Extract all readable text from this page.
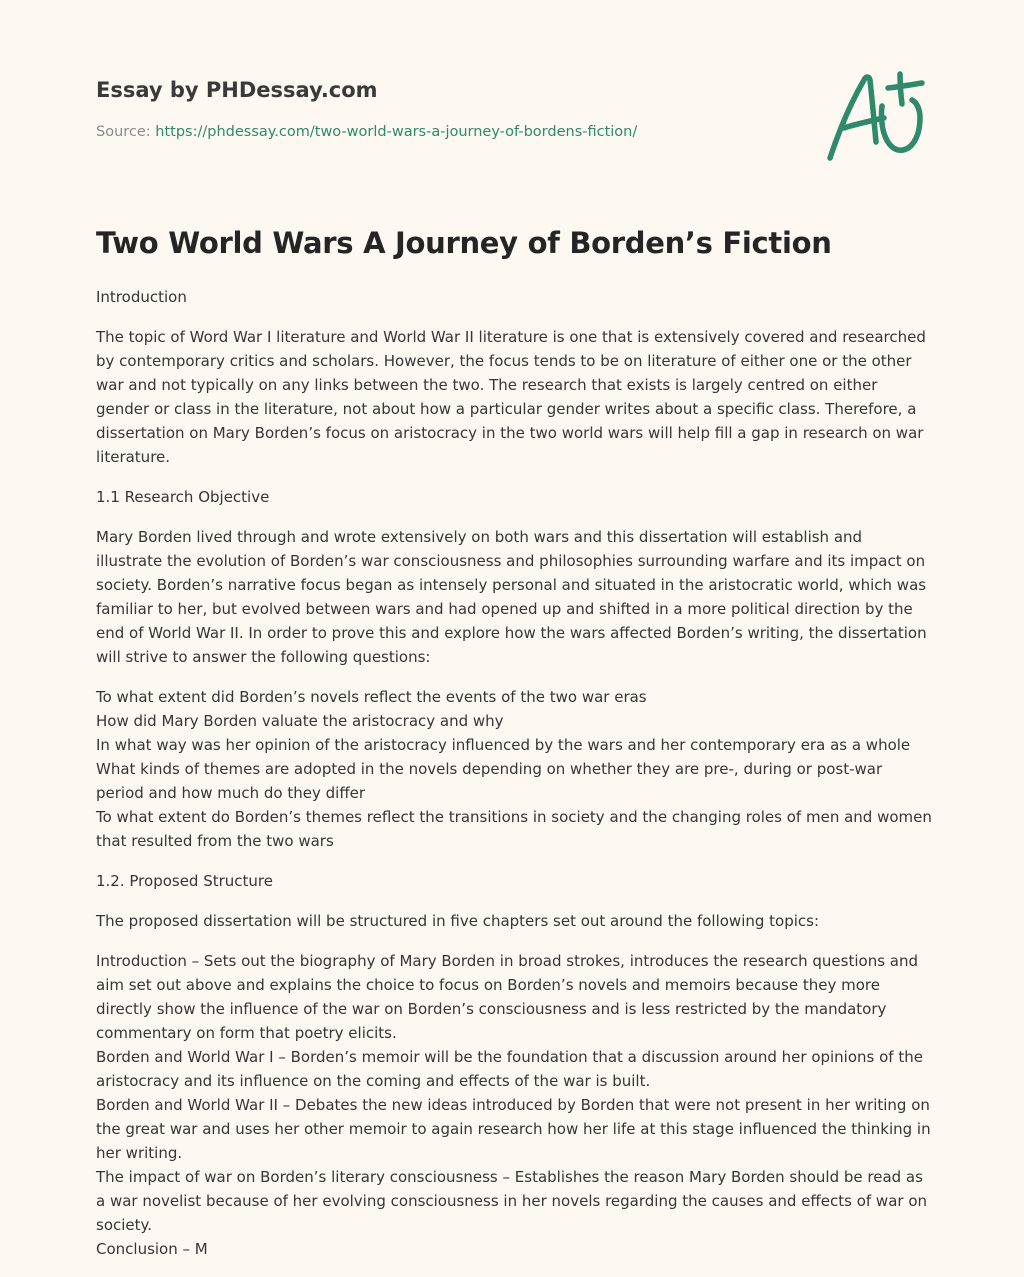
Essay by PHDessay.com
Source: https://phdessay.com/two-world-wars-a-journey-of-bordens-fiction/
Two World Wars A Journey of Borden’s Fiction

Introduction

The topic of Word War I literature and World War II literature is one that is extensively covered and researched by contemporary critics and scholars. However, the focus tends to be on literature of either one or the other war and not typically on any links between the two. The research that exists is largely centred on either gender or class in the literature, not about how a particular gender writes about a specific class. Therefore, a dissertation on Mary Borden’s focus on aristocracy in the two world wars will help fill a gap in research on war literature.

1.1 Research Objective

Mary Borden lived through and wrote extensively on both wars and this dissertation will establish and illustrate the evolution of Borden’s war consciousness and philosophies surrounding warfare and its impact on society. Borden’s narrative focus began as intensely personal and situated in the aristocratic world, which was familiar to her, but evolved between wars and had opened up and shifted in a more political direction by the end of World War II. In order to prove this and explore how the wars affected Borden’s writing, the dissertation will strive to answer the following questions:

To what extent did Borden’s novels reflect the events of the two war eras
How did Mary Borden valuate the aristocracy and why
In what way was her opinion of the aristocracy influenced by the wars and her contemporary era as a whole
What kinds of themes are adopted in the novels depending on whether they are pre-, during or post-war period and how much do they differ
To what extent do Borden’s themes reflect the transitions in society and the changing roles of men and women that resulted from the two wars

1.2. Proposed Structure

The proposed dissertation will be structured in five chapters set out around the following topics:

Introduction – Sets out the biography of Mary Borden in broad strokes, introduces the research questions and aim set out above and explains the choice to focus on Borden’s novels and memoirs because they more directly show the influence of the war on Borden’s consciousness and is less restricted by the mandatory commentary on form that poetry elicits.
Borden and World War I – Borden’s memoir will be the foundation that a discussion around her opinions of the aristocracy and its influence on the coming and effects of the war is built.
Borden and World War II – Debates the new ideas introduced by Borden that were not present in her writing on the great war and uses her other memoir to again research how her life at this stage influenced the thinking in her writing.
The impact of war on Borden’s literary consciousness – Establishes the reason Mary Borden should be read as a war novelist because of her evolving consciousness in her novels regarding the causes and effects of war on society.
Conclusion – M
